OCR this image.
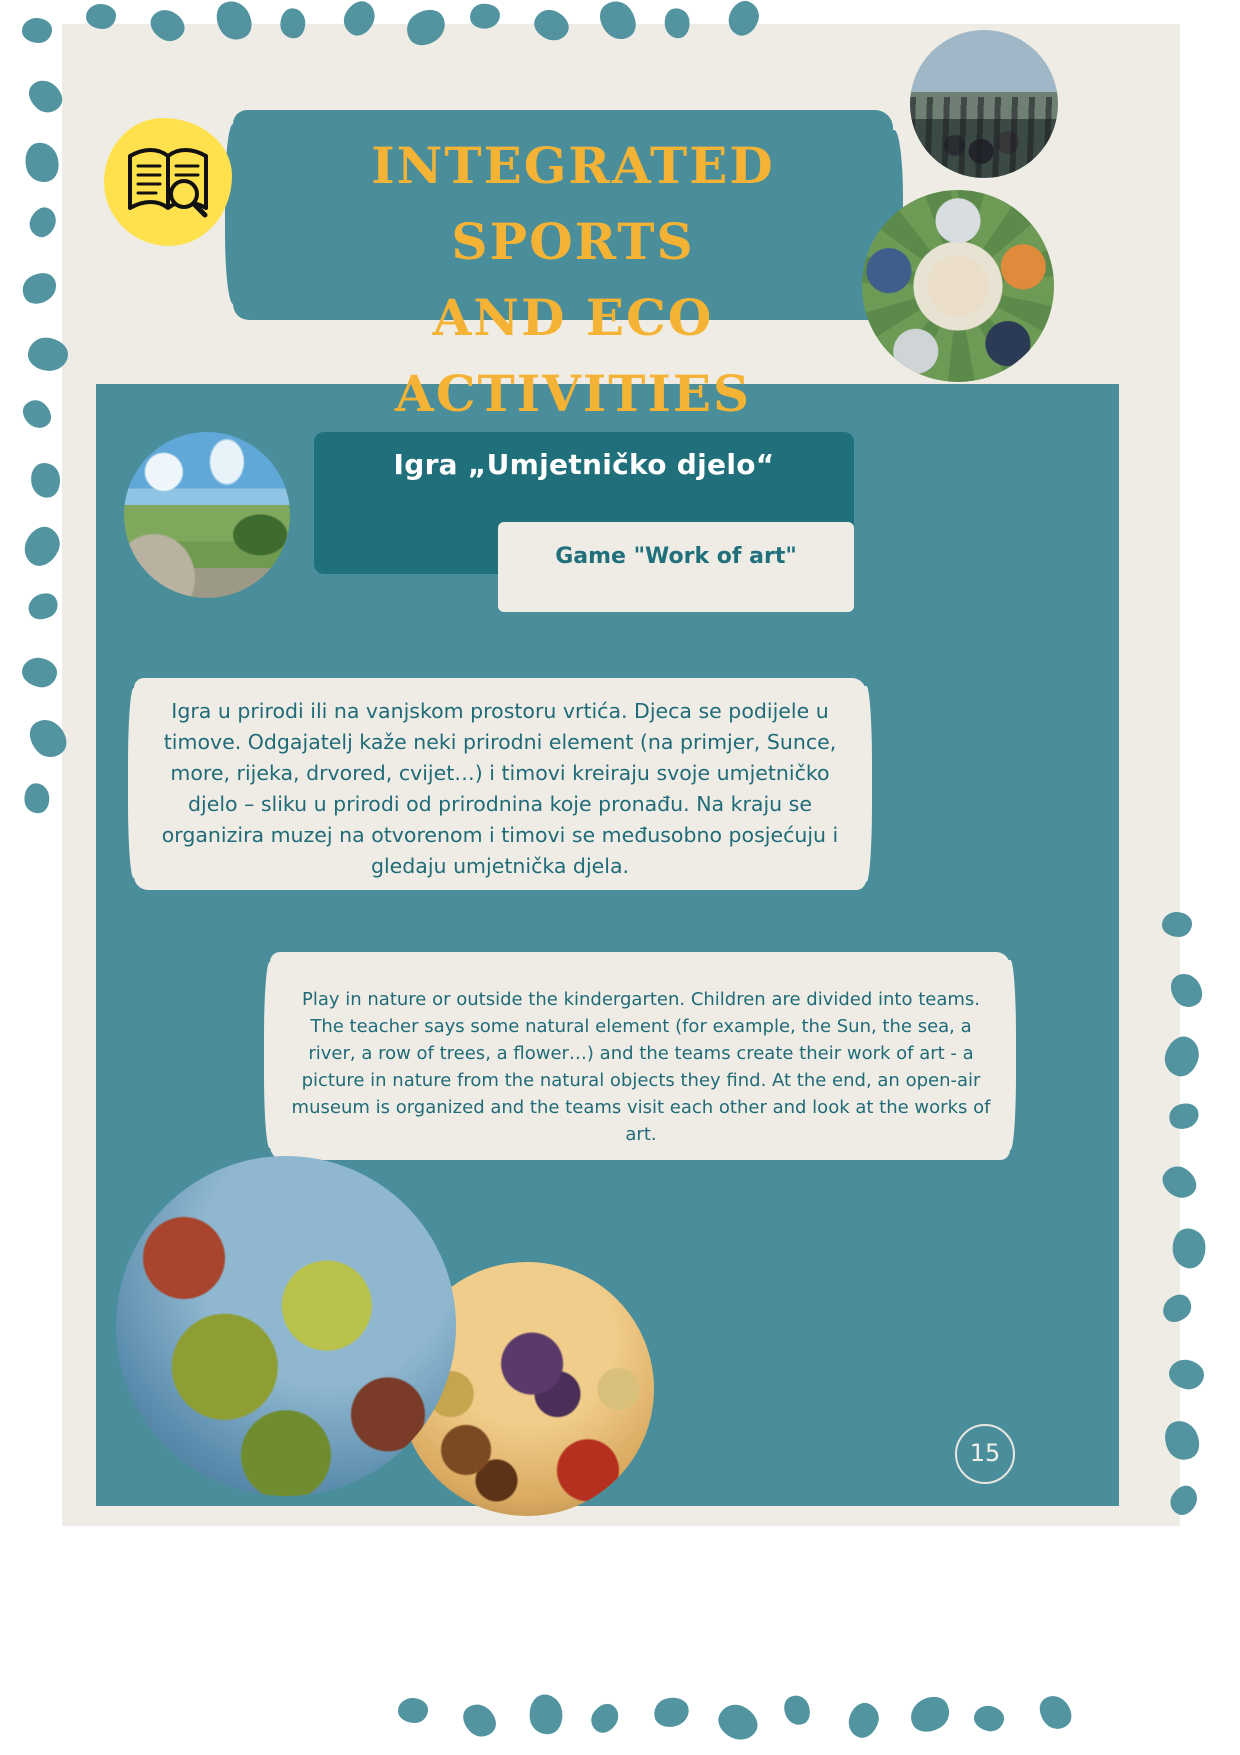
INTEGRATED SPORTS
AND ECO ACTIVITIES
Igra „Umjetničko djelo“
Game "Work of art"
Igra u prirodi ili na vanjskom prostoru vrtića. Djeca se podijele u timove. Odgajatelj kaže neki prirodni element (na primjer, Sunce, more, rijeka, drvored, cvijet…) i timovi kreiraju svoje umjetničko djelo – sliku u prirodi od prirodnina koje pronađu. Na kraju se organizira muzej na otvorenom i timovi se međusobno posjećuju i gledaju umjetnička djela.
Play in nature or outside the kindergarten. Children are divided into teams. The teacher says some natural element (for example, the Sun, the sea, a river, a row of trees, a flower…) and the teams create their work of art - a picture in nature from the natural objects they find. At the end, an open-air museum is organized and the teams visit each other and look at the works of art.
15
